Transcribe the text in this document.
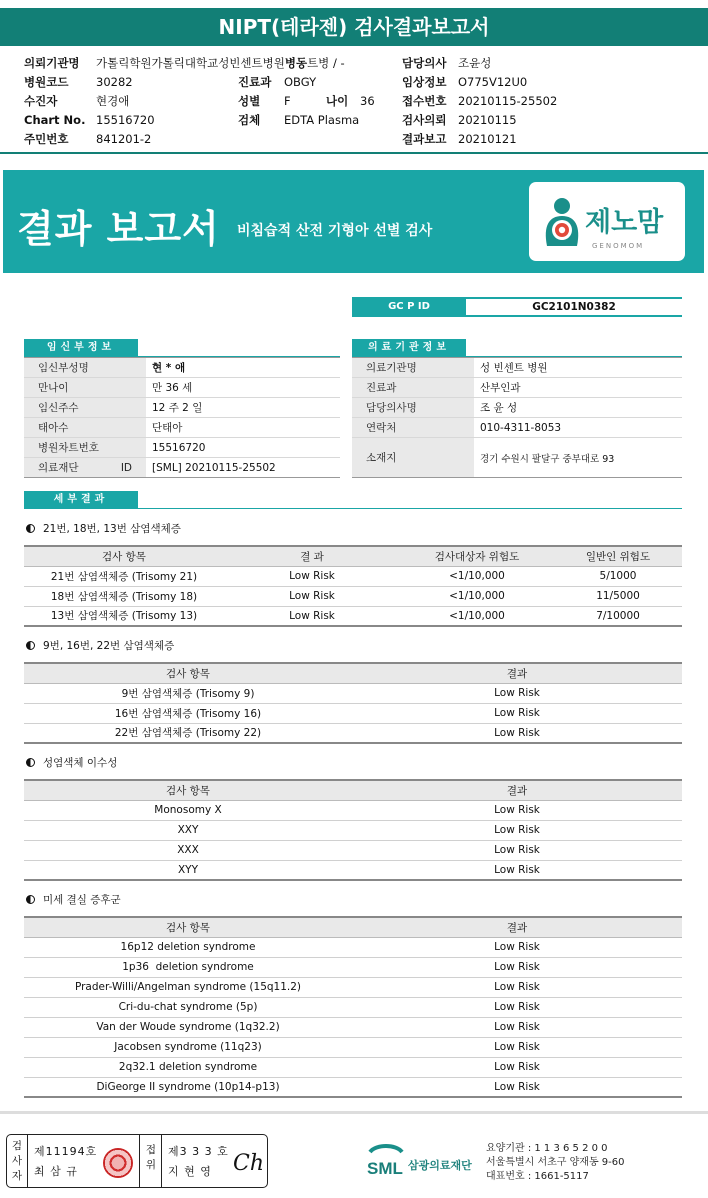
NIPT(테라젠) 검사결과보고서
의뢰기관명 가톨릭학원가톨릭대학교성빈센트병원병동트병 / -
병원코드 30282
수진자	현경애
Chart No. 15516720
주민번호 841201-2
진료과 OBGY
성별 F	나이 36
검체 EDTA Plasma
담당의사 조윤성
임상정보 O775V12U0
접수번호 20210115-25502
검사의뢰 20210115
결과보고 20210121
결과 보고서 비침습적 산전 기형아 선별 검사	제노맘
GENOMOM
GC P ID	GC2101N0382
임신부정보
임신부성명	현 * 애
만나이	만 36 세
임신주수	12 주 2 일
태아수	단태아
병원차트번호	15516720
의료재단 ID	[SML] 20210115-25502
의료기관정보
의료기관명	성 빈센트 병원
진료과	산부인과
담당의사명	조 윤 성
연락처	010-4311-8053
소재지	경기 수원시 팔달구 중부대로 93
세부결과
21번, 18번, 13번 삼염색체증
검사 항목	결 과	검사대상자 위험도	일반인 위험도
21번 삼염색체증 (Trisomy 21)	Low Risk	<1/10,000	5/1000
18번 삼염색체증 (Trisomy 18)	Low Risk	<1/10,000	11/5000
13번 삼염색체증 (Trisomy 13)	Low Risk	<1/10,000	7/10000
9번, 16번, 22번 삼염색체증
검사 항목	결과
9번 삼염색체증 (Trisomy 9)	Low Risk
16번 삼염색체증 (Trisomy 16)	Low Risk
22번 삼염색체증 (Trisomy 22)	Low Risk
성염색체 이수성
검사 항목	결과
Monosomy X	Low Risk
XXY	Low Risk
XXX	Low Risk
XYY	Low Risk
미세 결실 증후군
검사 항목	결과
16p12 deletion syndrome	Low Risk
1p36  deletion syndrome	Low Risk
Prader-Willi/Angelman syndrome (15q11.2)	Low Risk
Cri-du-chat syndrome (5p)	Low Risk
Van der Woude syndrome (1q32.2)	Low Risk
Jacobsen syndrome (11q23)	Low Risk
2q32.1 deletion syndrome	Low Risk
DiGeorge II syndrome (10p14-p13)	Low Risk
검사자
제11194호
최 삼 규
접위
제3 3 3 호
지 현 영 Ch	SML 삼광의료재단
요양기관 : 1 1 3 6 5 2 0 0
서울특별시 서초구 양재동 9-60
대표번호 : 1661-5117
